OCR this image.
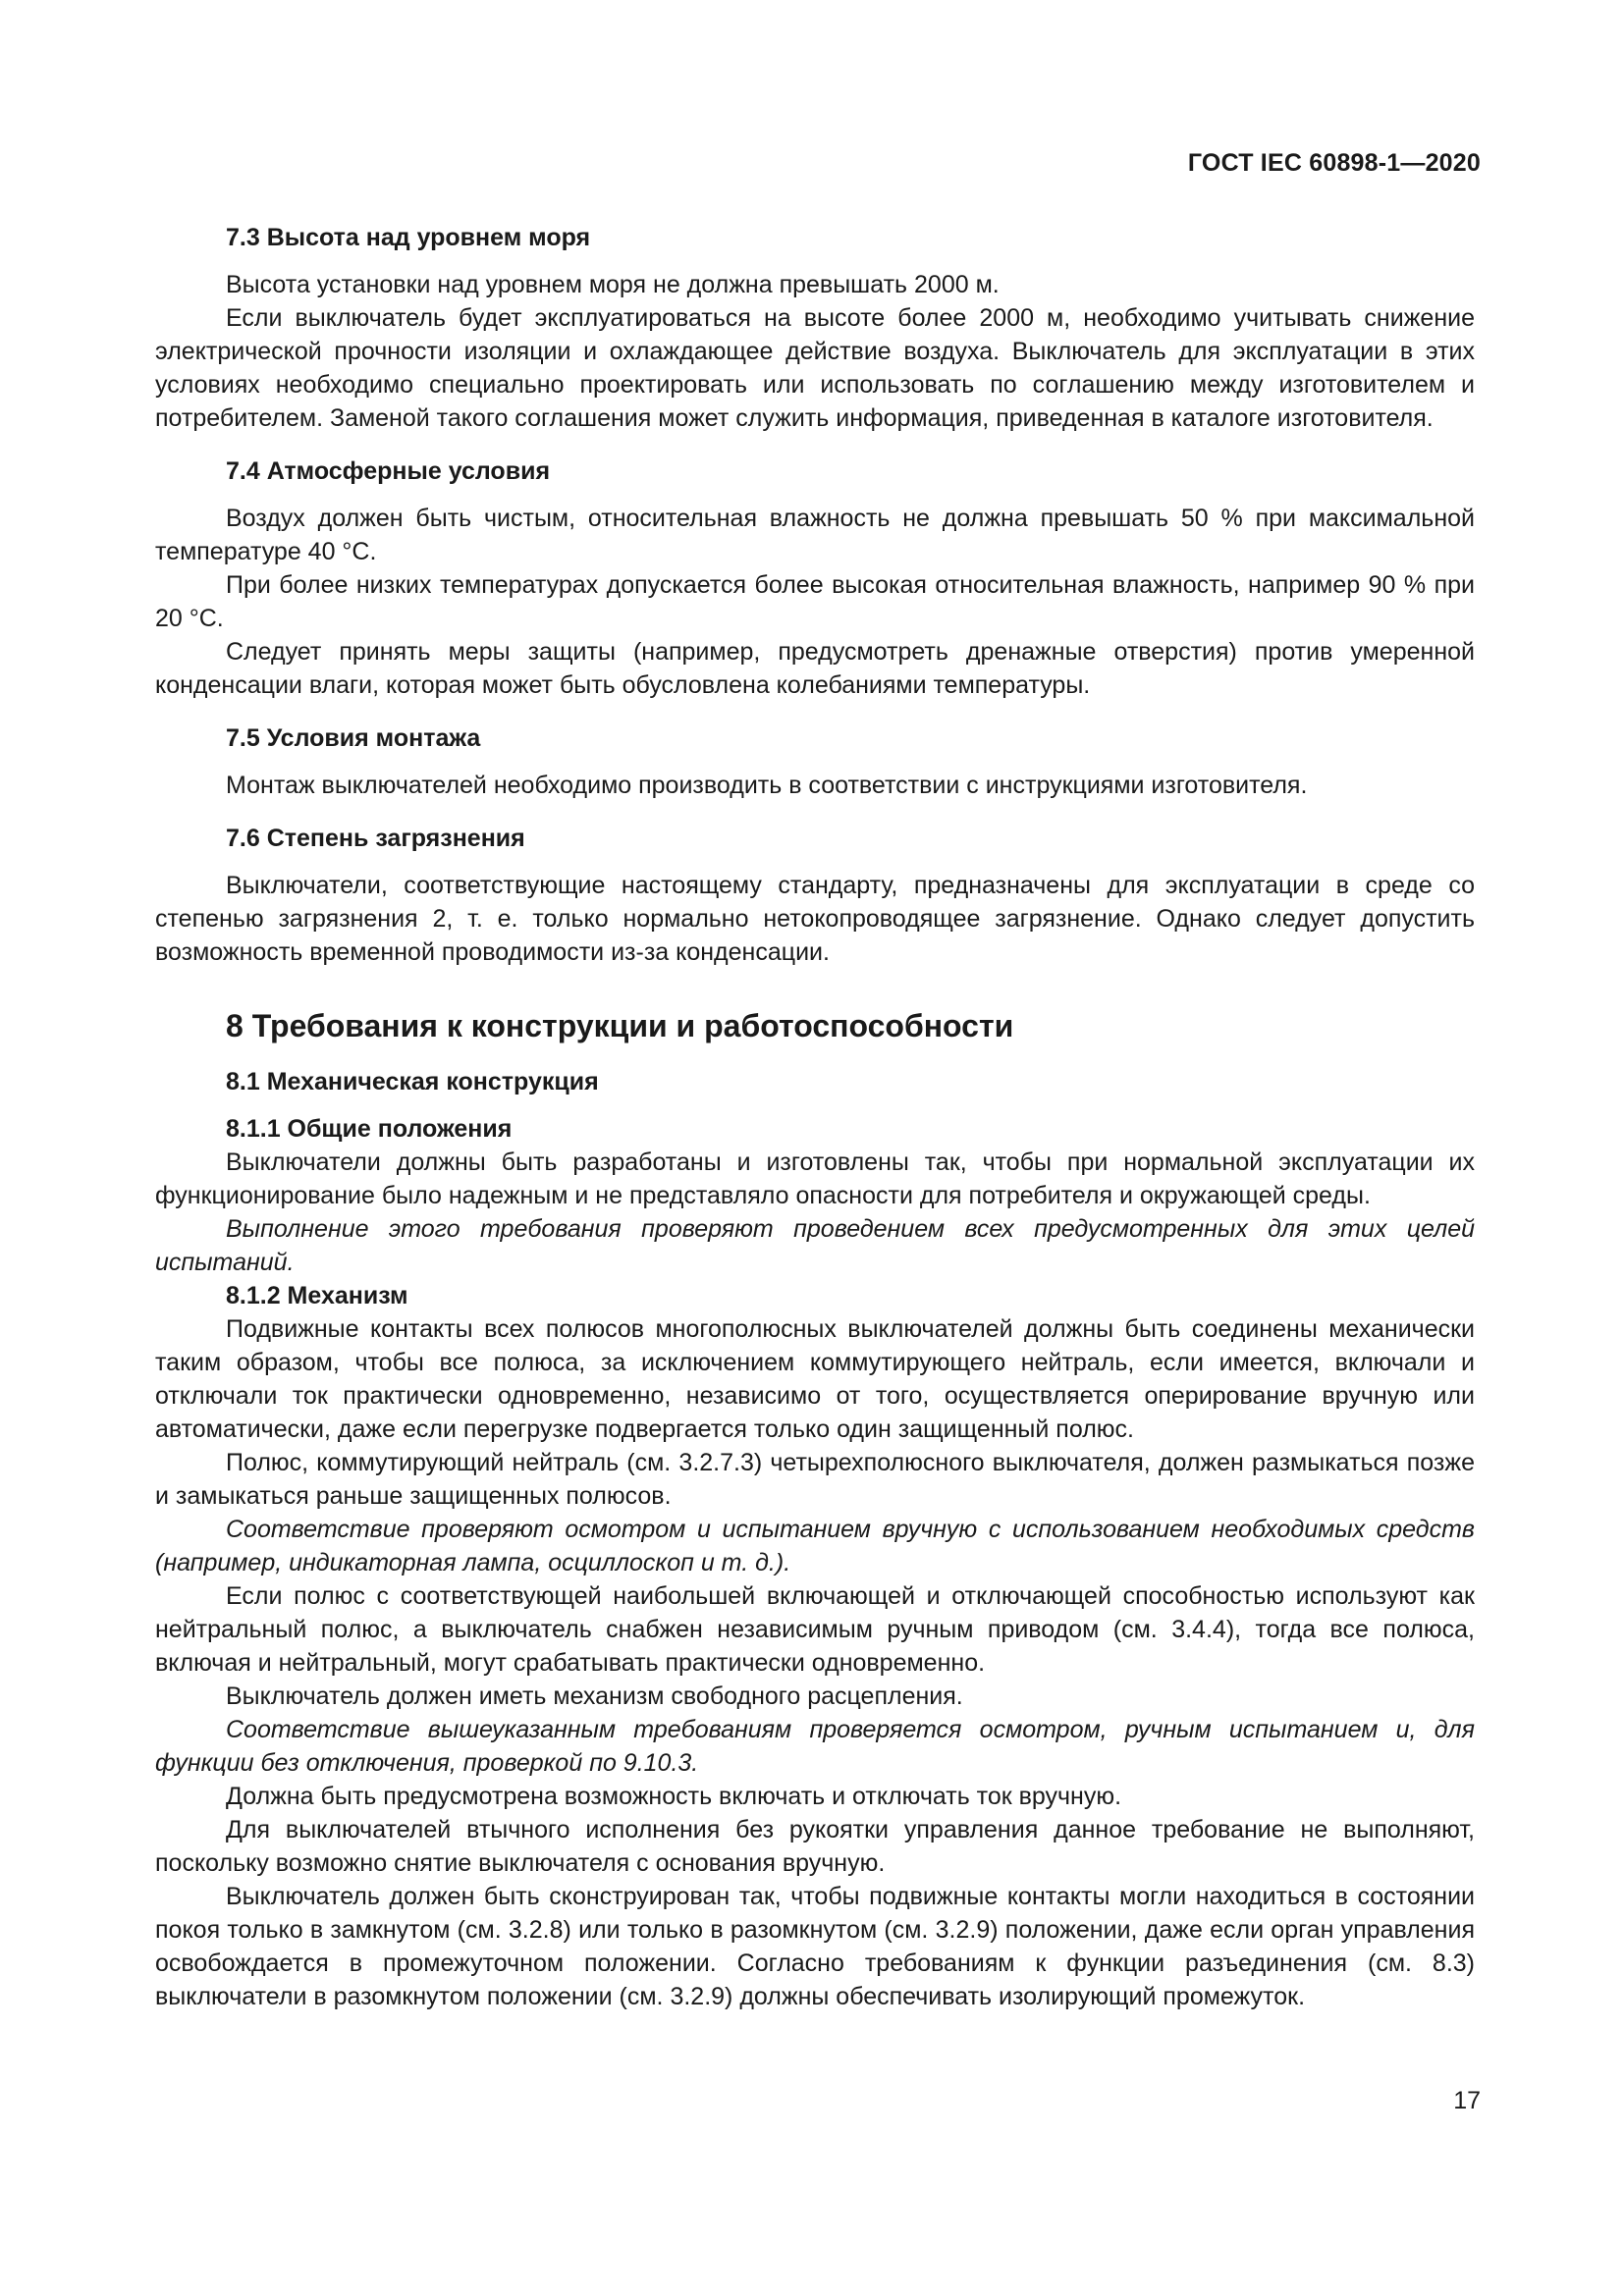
ГОСТ IEC 60898-1—2020
7.3 Высота над уровнем моря

Высота установки над уровнем моря не должна превышать 2000 м.

Если выключатель будет эксплуатироваться на высоте более 2000 м, необходимо учитывать снижение электрической прочности изоляции и охлаждающее действие воздуха. Выключатель для эксплуатации в этих условиях необходимо специально проектировать или использовать по соглашению между изготовителем и потребителем. Заменой такого соглашения может служить информация, приведенная в каталоге изготовителя.

7.4 Атмосферные условия

Воздух должен быть чистым, относительная влажность не должна превышать 50 % при максимальной температуре 40 °С.

При более низких температурах допускается более высокая относительная влажность, например 90 % при 20 °С.

Следует принять меры защиты (например, предусмотреть дренажные отверстия) против умеренной конденсации влаги, которая может быть обусловлена колебаниями температуры.

7.5 Условия монтажа

Монтаж выключателей необходимо производить в соответствии с инструкциями изготовителя.

7.6 Степень загрязнения

Выключатели, соответствующие настоящему стандарту, предназначены для эксплуатации в среде со степенью загрязнения 2, т. е. только нормально нетокопроводящее загрязнение. Однако следует допустить возможность временной проводимости из-за конденсации.

8 Требования к конструкции и работоспособности
8.1 Механическая конструкция
8.1.1 Общие положения

Выключатели должны быть разработаны и изготовлены так, чтобы при нормальной эксплуатации их функционирование было надежным и не представляло опасности для потребителя и окружающей среды.

Выполнение этого требования проверяют проведением всех предусмотренных для этих целей испытаний.

8.1.2 Механизм

Подвижные контакты всех полюсов многополюсных выключателей должны быть соединены механически таким образом, чтобы все полюса, за исключением коммутирующего нейтраль, если имеется, включали и отключали ток практически одновременно, независимо от того, осуществляется оперирование вручную или автоматически, даже если перегрузке подвергается только один защищенный полюс.

Полюс, коммутирующий нейтраль (см. 3.2.7.3) четырехполюсного выключателя, должен размыкаться позже и замыкаться раньше защищенных полюсов.

Соответствие проверяют осмотром и испытанием вручную с использованием необходимых средств (например, индикаторная лампа, осциллоскоп и т. д.).

Если полюс с соответствующей наибольшей включающей и отключающей способностью используют как нейтральный полюс, а выключатель снабжен независимым ручным приводом (см. 3.4.4), тогда все полюса, включая и нейтральный, могут срабатывать практически одновременно.

Выключатель должен иметь механизм свободного расцепления.

Соответствие вышеуказанным требованиям проверяется осмотром, ручным испытанием и, для функции без отключения, проверкой по 9.10.3.

Должна быть предусмотрена возможность включать и отключать ток вручную.

Для выключателей втычного исполнения без рукоятки управления данное требование не выполняют, поскольку возможно снятие выключателя с основания вручную.

Выключатель должен быть сконструирован так, чтобы подвижные контакты могли находиться в состоянии покоя только в замкнутом (см. 3.2.8) или только в разомкнутом (см. 3.2.9) положении, даже если орган управления освобождается в промежуточном положении. Согласно требованиям к функции разъединения (см. 8.3) выключатели в разомкнутом положении (см. 3.2.9) должны обеспечивать изолирующий промежуток.

17
